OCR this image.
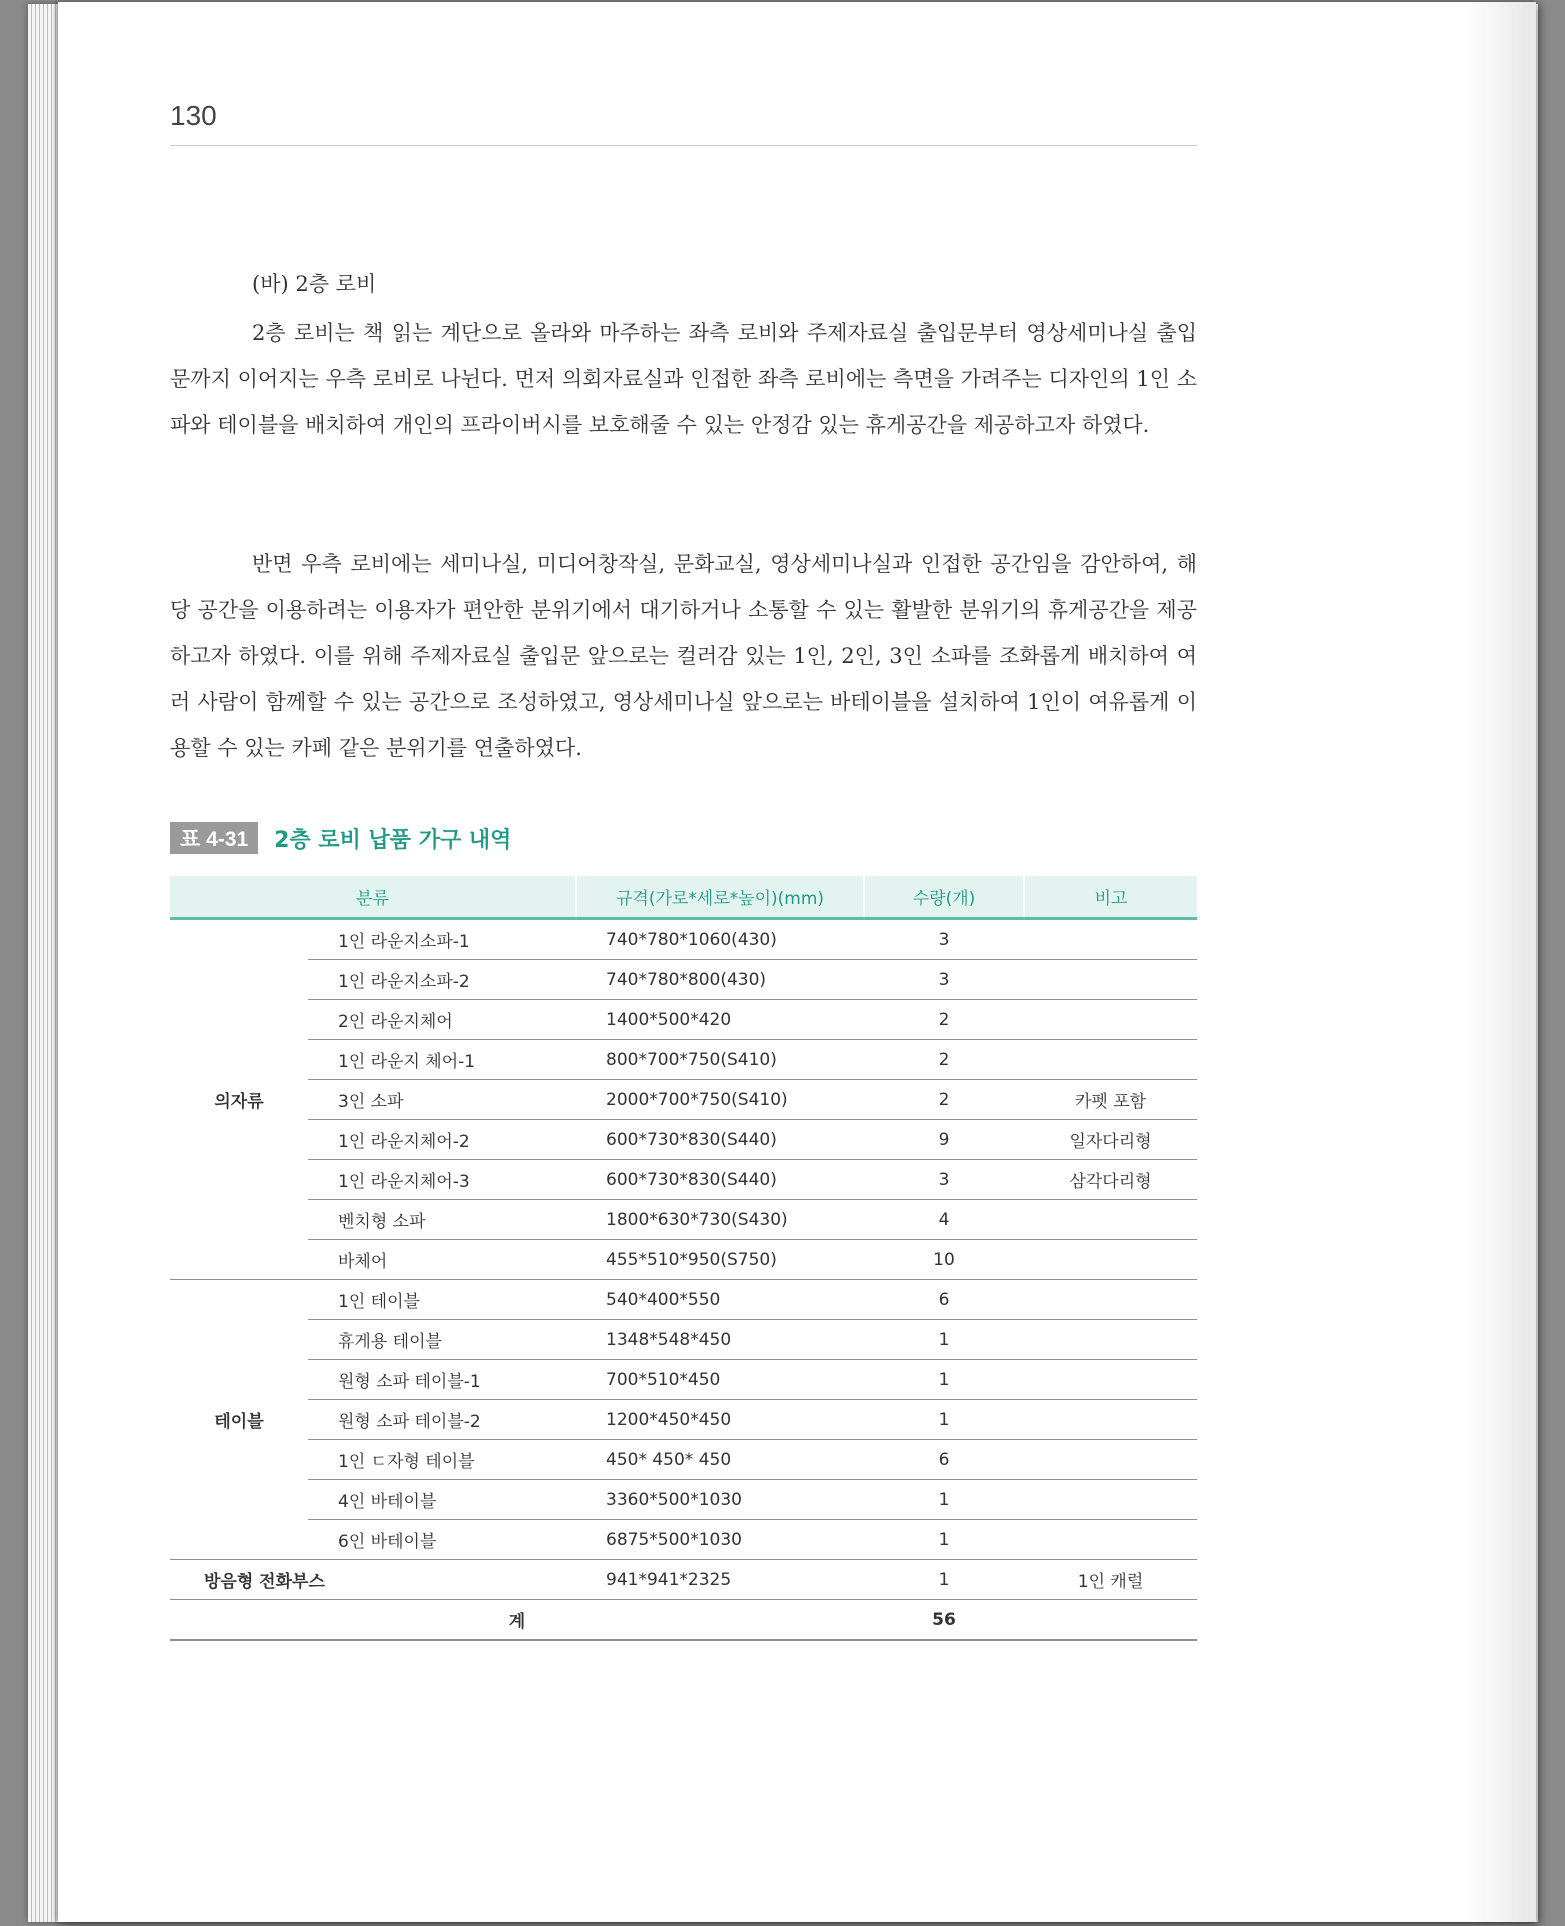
130
(바) 2층 로비

2층 로비는 책 읽는 계단으로 올라와 마주하는 좌측 로비와 주제자료실 출입문부터 영상세미나실 출입문까지 이어지는 우측 로비로 나뉜다. 먼저 의회자료실과 인접한 좌측 로비에는 측면을 가려주는 디자인의 1인 소파와 테이블을 배치하여 개인의 프라이버시를 보호해줄 수 있는 안정감 있는 휴게공간을 제공하고자 하였다.

반면 우측 로비에는 세미나실, 미디어창작실, 문화교실, 영상세미나실과 인접한 공간임을 감안하여, 해당 공간을 이용하려는 이용자가 편안한 분위기에서 대기하거나 소통할 수 있는 활발한 분위기의 휴게공간을 제공하고자 하였다. 이를 위해 주제자료실 출입문 앞으로는 컬러감 있는 1인, 2인, 3인 소파를 조화롭게 배치하여 여러 사람이 함께할 수 있는 공간으로 조성하였고, 영상세미나실 앞으로는 바테이블을 설치하여 1인이 여유롭게 이용할 수 있는 카페 같은 분위기를 연출하였다.

표 4-31	2층 로비 납품 가구 내역
분류		규격(가로*세로*높이)(mm)	수량(개)	비고
의자류	1인 라운지소파-1	740*780*1060(430)	3	
	1인 라운지소파-2	740*780*800(430)	3	
	2인 라운지체어	1400*500*420	2	
	1인 라운지 체어-1	800*700*750(S410)	2	
	3인 소파	2000*700*750(S410)	2	카펫 포함
	1인 라운지체어-2	600*730*830(S440)	9	일자다리형
	1인 라운지체어-3	600*730*830(S440)	3	삼각다리형
	벤치형 소파	1800*630*730(S430)	4	
	바체어	455*510*950(S750)	10	
테이블	1인 테이블	540*400*550	6	
	휴게용 테이블	1348*548*450	1	
	원형 소파 테이블-1	700*510*450	1	
	원형 소파 테이블-2	1200*450*450	1	
	1인 ㄷ자형 테이블	450* 450* 450	6	
	4인 바테이블	3360*500*1030	1	
	6인 바테이블	6875*500*1030	1	
방음형 전화부스		941*941*2325	1	1인 캐럴
계			56	
